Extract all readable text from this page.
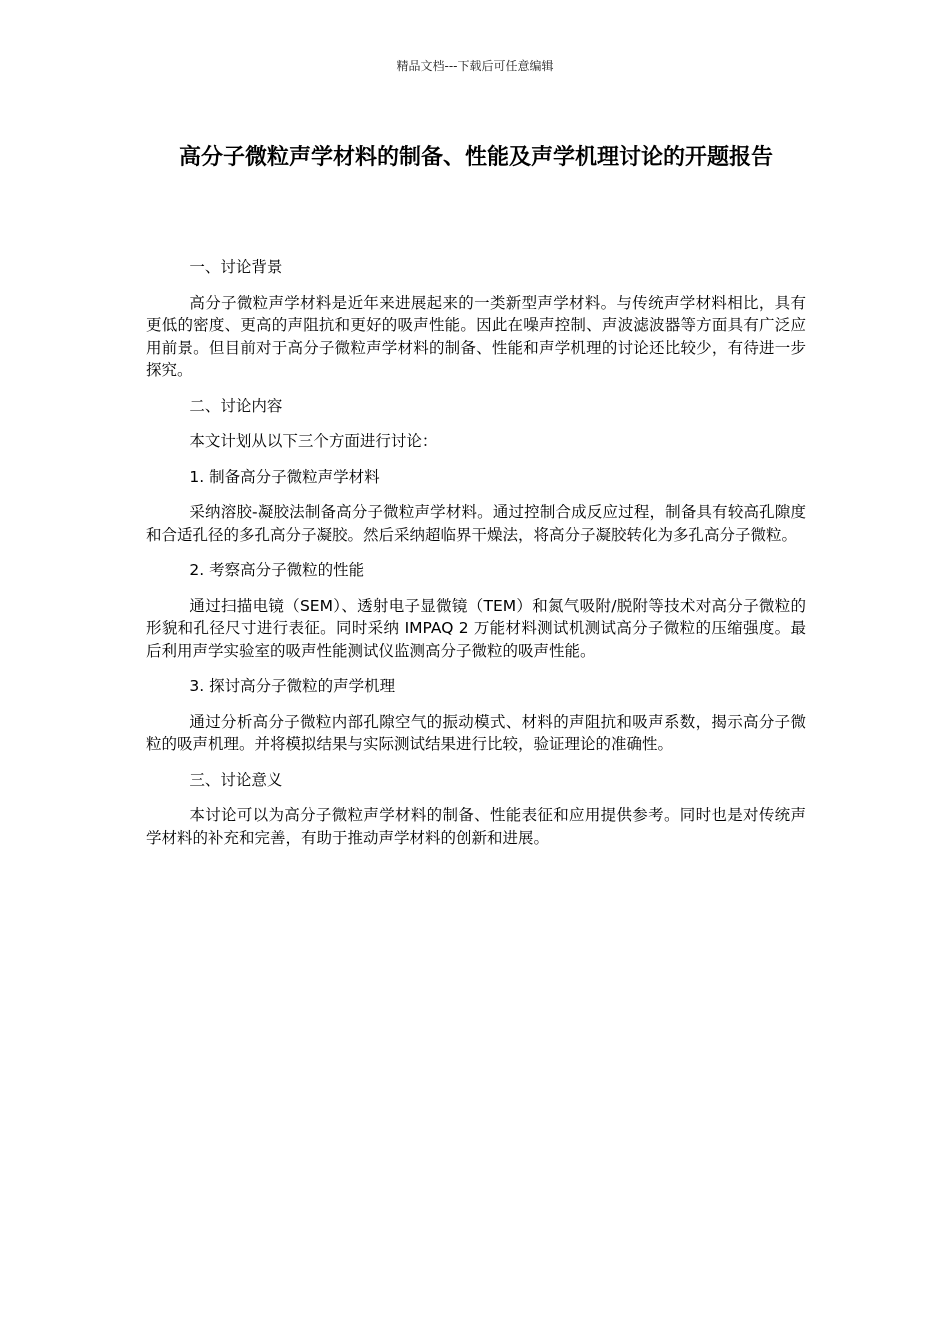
精品文档---下载后可任意编辑
高分子微粒声学材料的制备、性能及声学机理讨论的开题报告

一、讨论背景

高分子微粒声学材料是近年来进展起来的一类新型声学材料。与传统声学材料相比，具有更低的密度、更高的声阻抗和更好的吸声性能。因此在噪声控制、声波滤波器等方面具有广泛应用前景。但目前对于高分子微粒声学材料的制备、性能和声学机理的讨论还比较少，有待进一步探究。

二、讨论内容

本文计划从以下三个方面进行讨论：

1. 制备高分子微粒声学材料

采纳溶胶-凝胶法制备高分子微粒声学材料。通过控制合成反应过程，制备具有较高孔隙度和合适孔径的多孔高分子凝胶。然后采纳超临界干燥法，将高分子凝胶转化为多孔高分子微粒。

2. 考察高分子微粒的性能

通过扫描电镜（SEM）、透射电子显微镜（TEM）和氮气吸附/脱附等技术对高分子微粒的形貌和孔径尺寸进行表征。同时采纳 IMPAQ 2 万能材料测试机测试高分子微粒的压缩强度。最后利用声学实验室的吸声性能测试仪监测高分子微粒的吸声性能。

3. 探讨高分子微粒的声学机理

通过分析高分子微粒内部孔隙空气的振动模式、材料的声阻抗和吸声系数，揭示高分子微粒的吸声机理。并将模拟结果与实际测试结果进行比较，验证理论的准确性。

三、讨论意义

本讨论可以为高分子微粒声学材料的制备、性能表征和应用提供参考。同时也是对传统声学材料的补充和完善，有助于推动声学材料的创新和进展。
